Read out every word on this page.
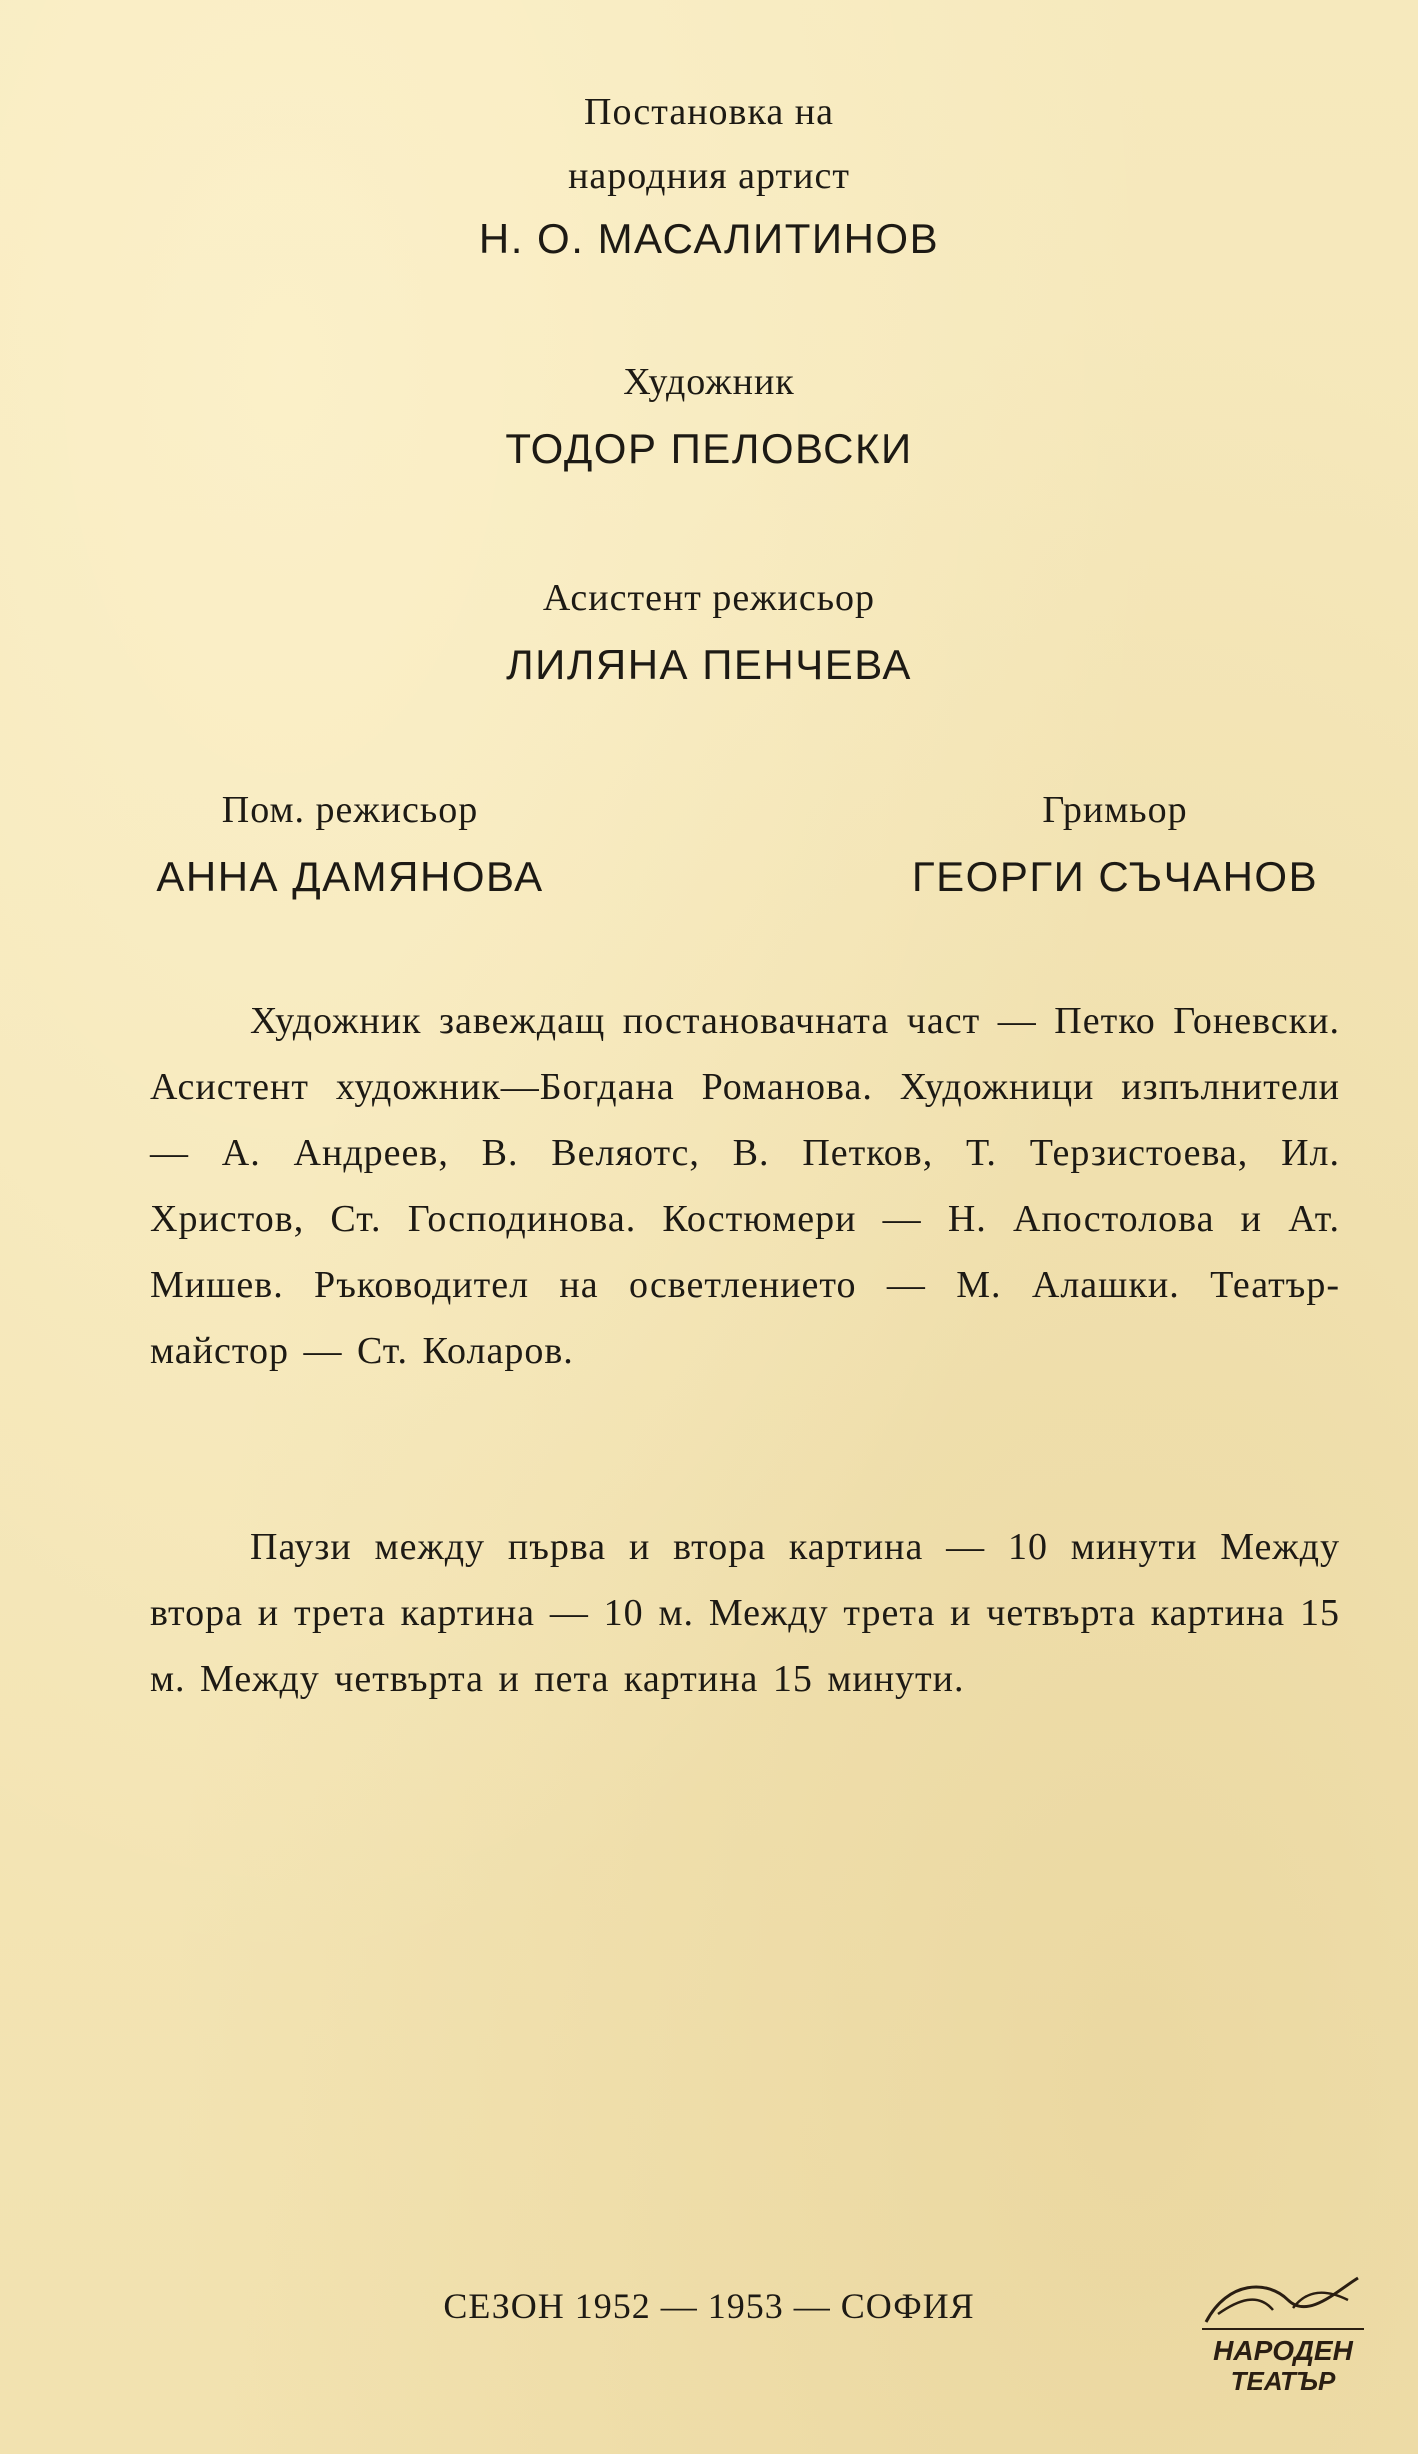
Постановка на
народния артист
Н. О. МАСАЛИТИНОВ
Художник
ТОДОР ПЕЛОВСКИ
Асистент режисьор
ЛИЛЯНА ПЕНЧЕВА
Пом. режисьор
АННА ДАМЯНОВА
Гримьор
ГЕОРГИ СЪЧАНОВ

Художник завеждащ постановачната част — Петко Гоневски. Асистент художник—Богдана Романова. Художници изпълнители — А. Андреев, В. Веляотс, В. Петков, Т. Терзистоева, Ил. Христов, Ст. Господинова. Костюмери — Н. Апостолова и Ат. Мишев. Ръководител на осветлението — М. Алашки. Театър-майстор — Ст. Коларов.

Паузи между първа и втора картина — 10 минути Между втора и трета картина — 10 м. Между трета и четвърта картина 15 м. Между четвърта и пета картина 15 минути.

СЕЗОН 1952 — 1953 — СОФИЯ
НАРОДЕН
ТЕАТЪР
